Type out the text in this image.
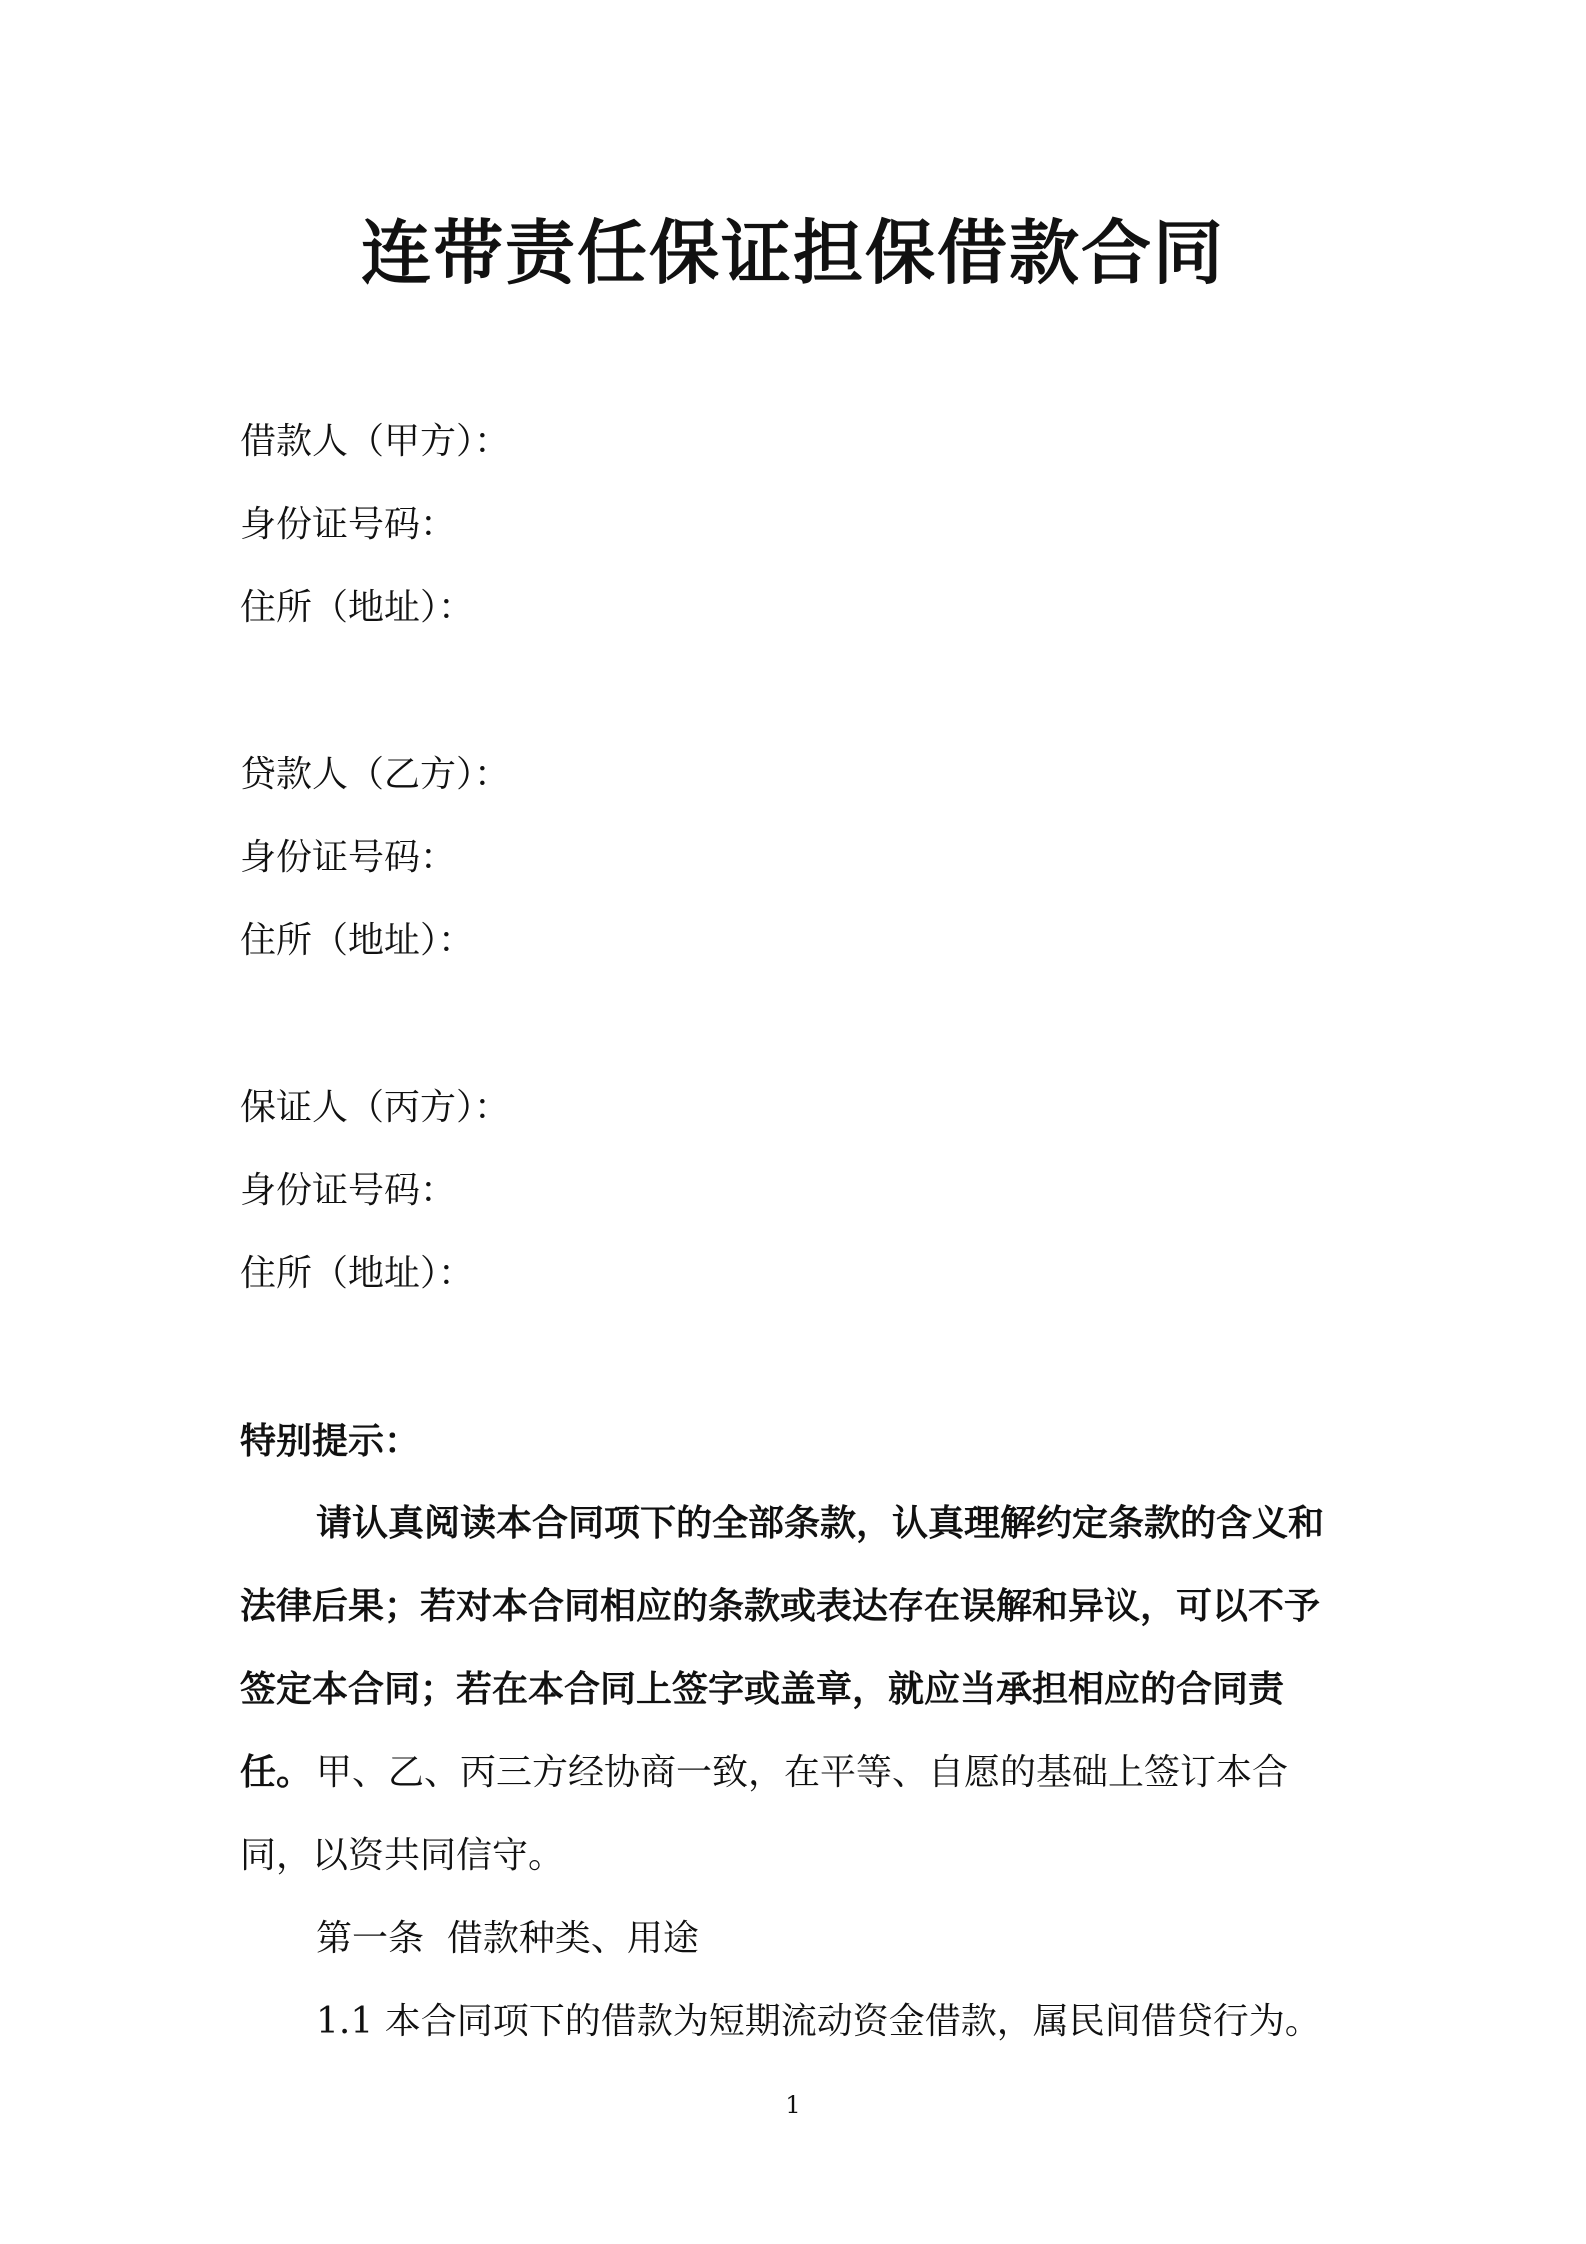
连带责任保证担保借款合同

借款人（甲方）：

身份证号码：

住所（地址）：

贷款人（乙方）：

身份证号码：

住所（地址）：

保证人（丙方）：

身份证号码：

住所（地址）：

特别提示：

请认真阅读本合同项下的全部条款，认真理解约定条款的含义和法律后果；若对本合同相应的条款或表达存在误解和异议，可以不予签定本合同；若在本合同上签字或盖章，就应当承担相应的合同责任。 甲、乙、丙三方经协商一致，在平等、自愿的基础上签订本合同，以资共同信守。

第一条  借款种类、用途

1.1 本合同项下的借款为短期流动资金借款，属民间借贷行为。

1
